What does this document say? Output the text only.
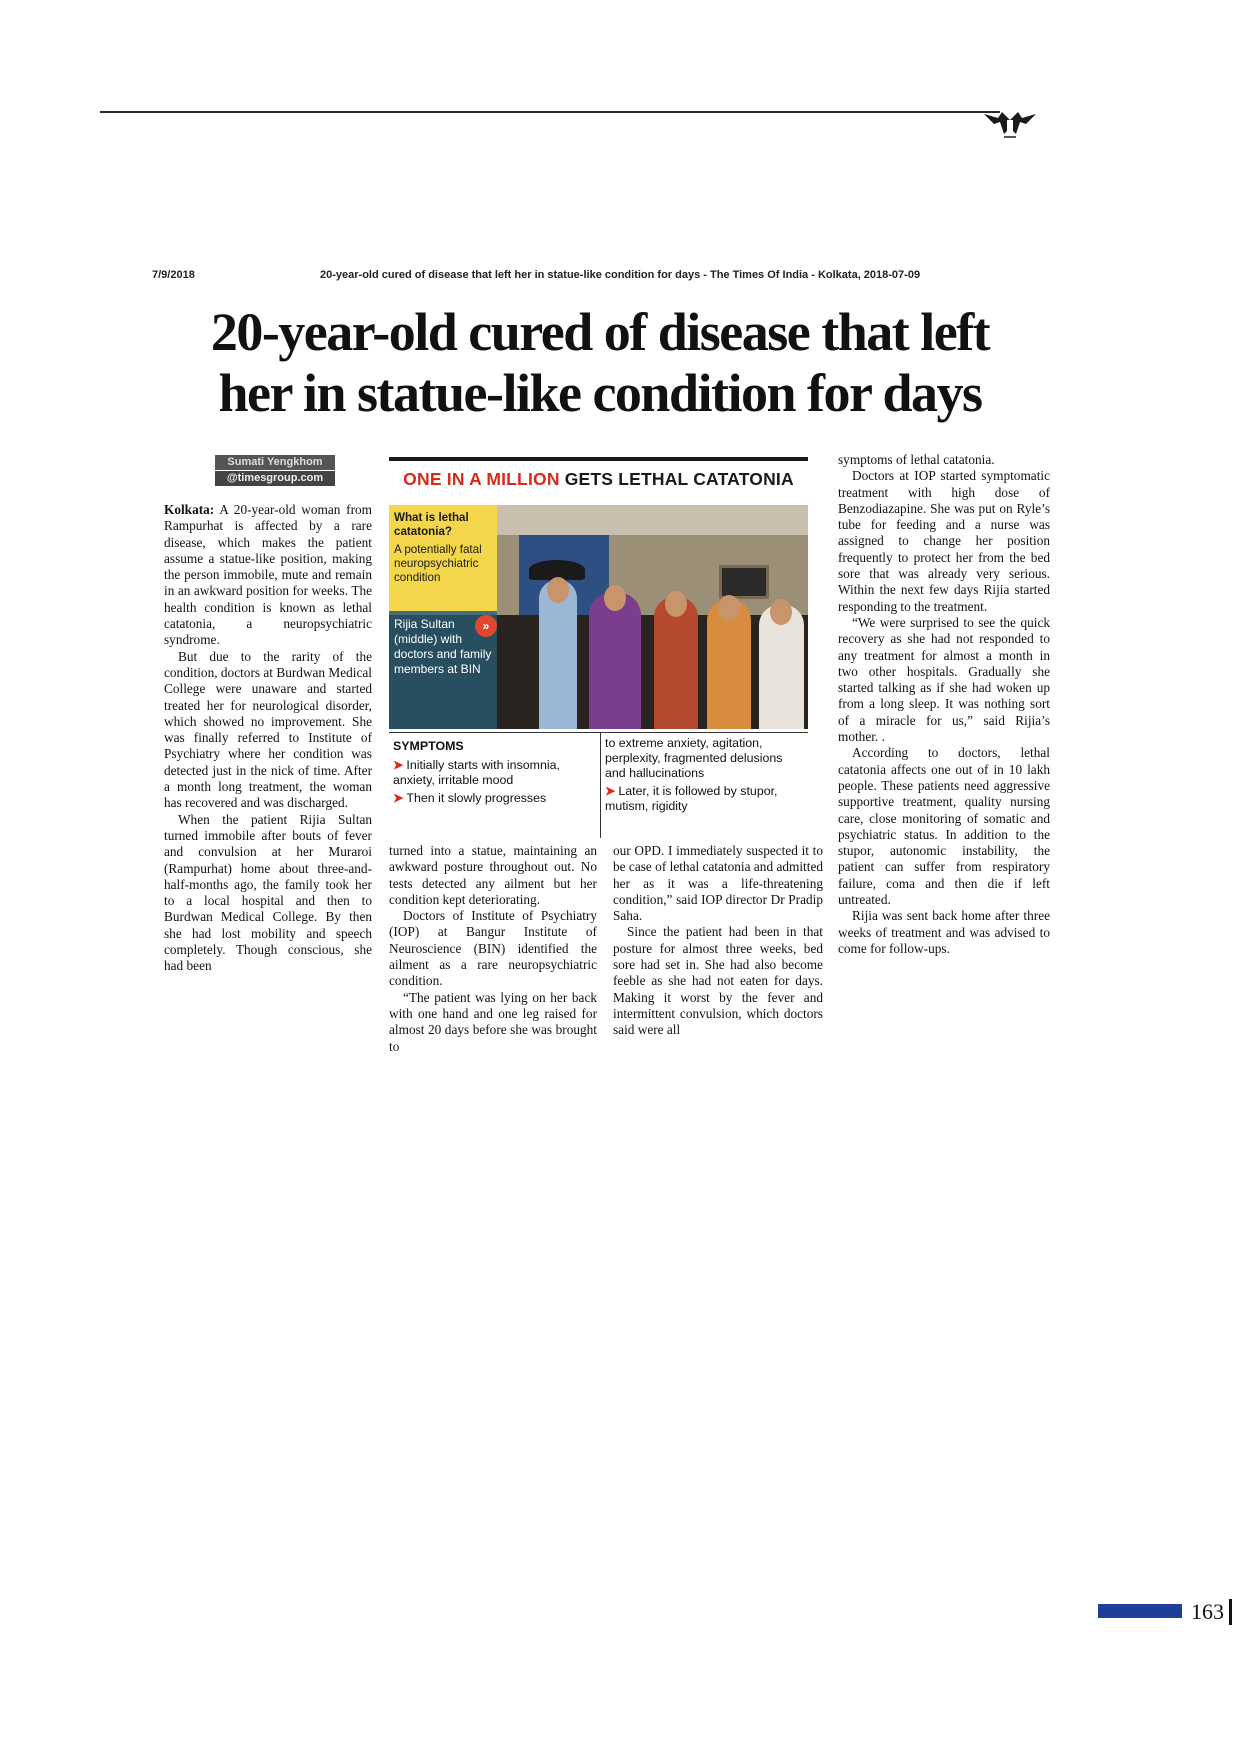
7/9/2018	20-year-old cured of disease that left her in statue-like condition for days - The Times Of India - Kolkata, 2018-07-09
20-year-old cured of disease that left
her in statue-like condition for days
Sumati Yengkhom
@timesgroup.com

Kolkata: A 20-year-old woman from Rampurhat is affected by a rare disease, which makes the patient assume a statue-like position, making the person immobile, mute and remain in an awkward position for weeks. The health condition is known as lethal catatonia, a neuropsychiatric syndrome.

But due to the rarity of the condition, doctors at Burdwan Medical College were unaware and started treated her for neurological disorder, which showed no improvement. She was finally referred to Institute of Psychiatry where her condition was detected just in the nick of time. After a month long treatment, the woman has recovered and was discharged.

When the patient Rijia Sultan turned immobile after bouts of fever and convulsion at her Muraroi (Rampurhat) home about three-and-half-months ago, the family took her to a local hospital and then to Burdwan Medical College. By then she had lost mobility and speech completely. Though conscious, she had been

ONE IN A MILLION GETS LETHAL CATATONIA
What is lethal catatonia?
A potentially fatal neuropsychiatric condition
»
Rijia Sultan (middle) with doctors and family members at BIN
SYMPTOMS
➤ Initially starts with insomnia, anxiety, irritable mood
➤ Then it slowly progresses
to extreme anxiety, agitation, perplexity, fragmented delusions and hallucinations
➤ Later, it is followed by stupor, mutism, rigidity

turned into a statue, maintaining an awkward posture throughout out. No tests detected any ailment but her condition kept deteriorating.

Doctors of Institute of Psychiatry (IOP) at Bangur Institute of Neuroscience (BIN) identified the ailment as a rare neuropsychiatric condition.

“The patient was lying on her back with one hand and one leg raised for almost 20 days before she was brought to

our OPD. I immediately suspected it to be case of lethal catatonia and admitted her as it was a life-threatening condition,” said IOP director Dr Pradip Saha.

Since the patient had been in that posture for almost three weeks, bed sore had set in. She had also become feeble as she had not eaten for days. Making it worst by the fever and intermittent convulsion, which doctors said were all

symptoms of lethal catatonia.

Doctors at IOP started symptomatic treatment with high dose of Benzodiazapine. She was put on Ryle’s tube for feeding and a nurse was assigned to change her position frequently to protect her from the bed sore that was already very serious. Within the next few days Rijia started responding to the treatment.

“We were surprised to see the quick recovery as she had not responded to any treatment for almost a month in two other hospitals. Gradually she started talking as if she had woken up from a long sleep. It was nothing sort of a miracle for us,” said Rijia’s mother. .

According to doctors, lethal catatonia affects one out of in 10 lakh people. These patients need aggressive supportive treatment, quality nursing care, close monitoring of somatic and psychiatric status. In addition to the stupor, autonomic instability, the patient can suffer from respiratory failure, coma and then die if left untreated.

Rijia was sent back home after three weeks of treatment and was advised to come for follow-ups.

163
